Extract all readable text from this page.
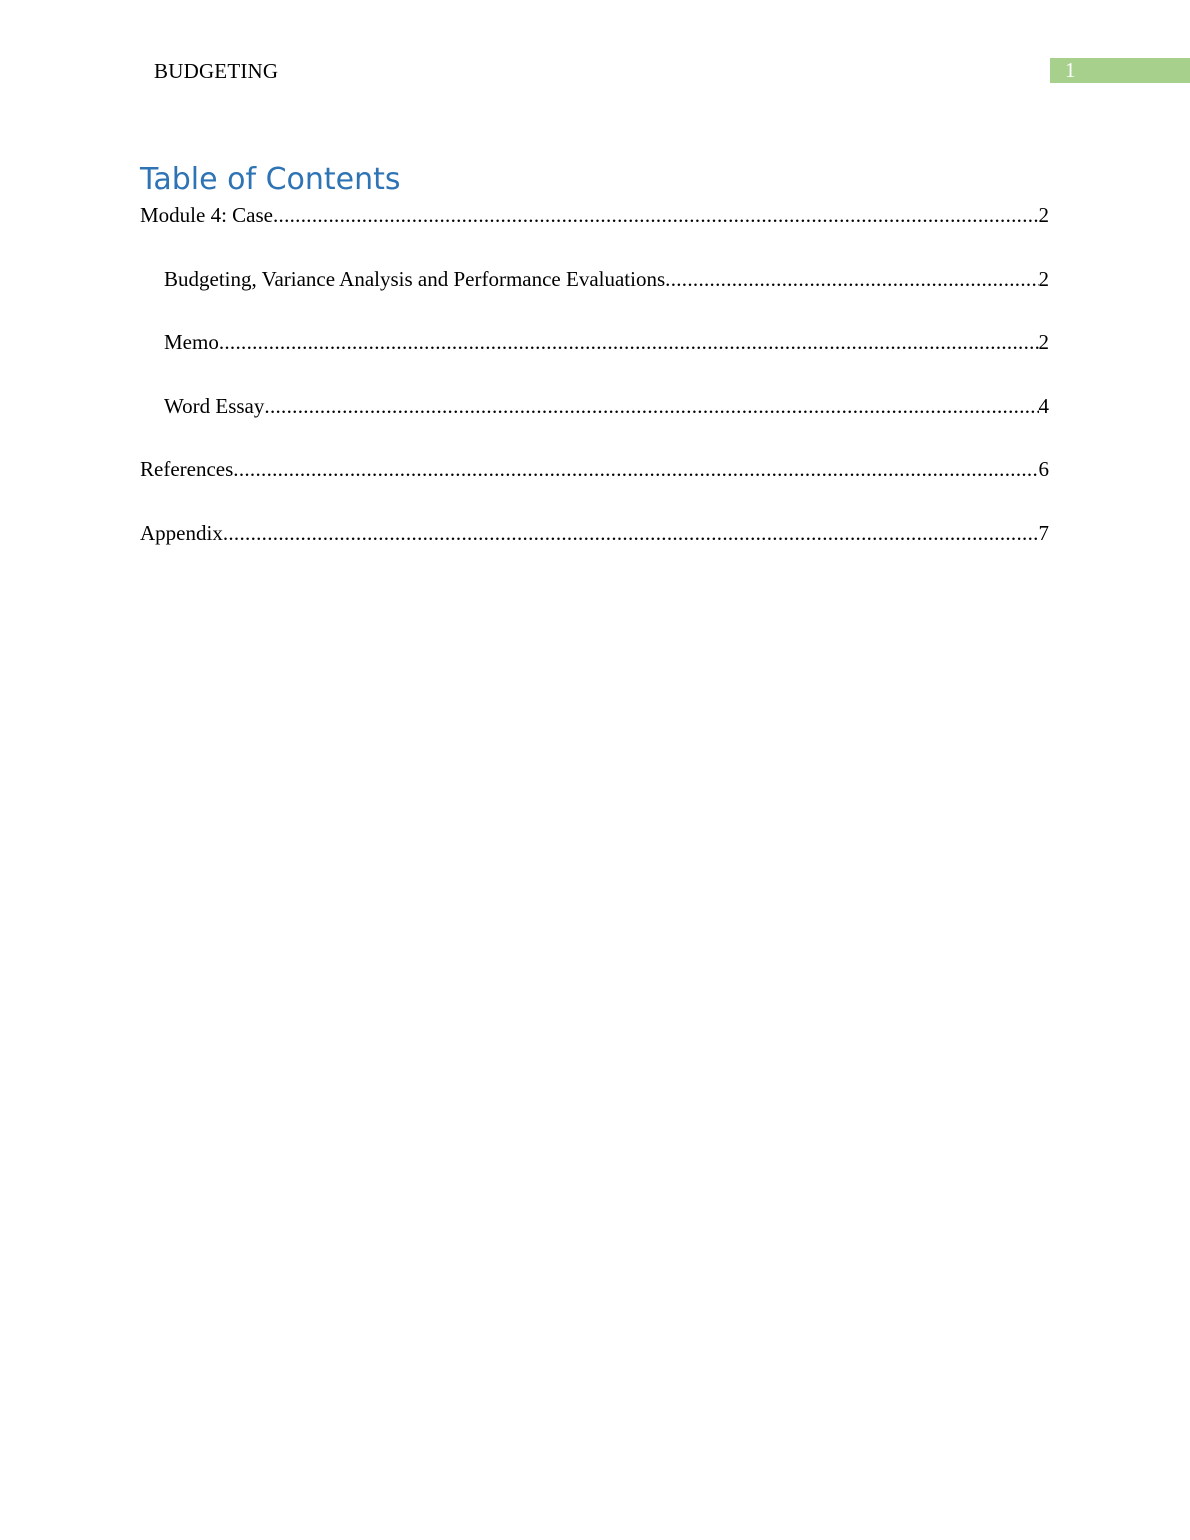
BUDGETING	1
Table of Contents
Module 4: Case .....	2
Budgeting, Variance Analysis and Performance Evaluations .....	2
Memo .....	2
Word Essay .....	4
References .....	6
Appendix .....	7
